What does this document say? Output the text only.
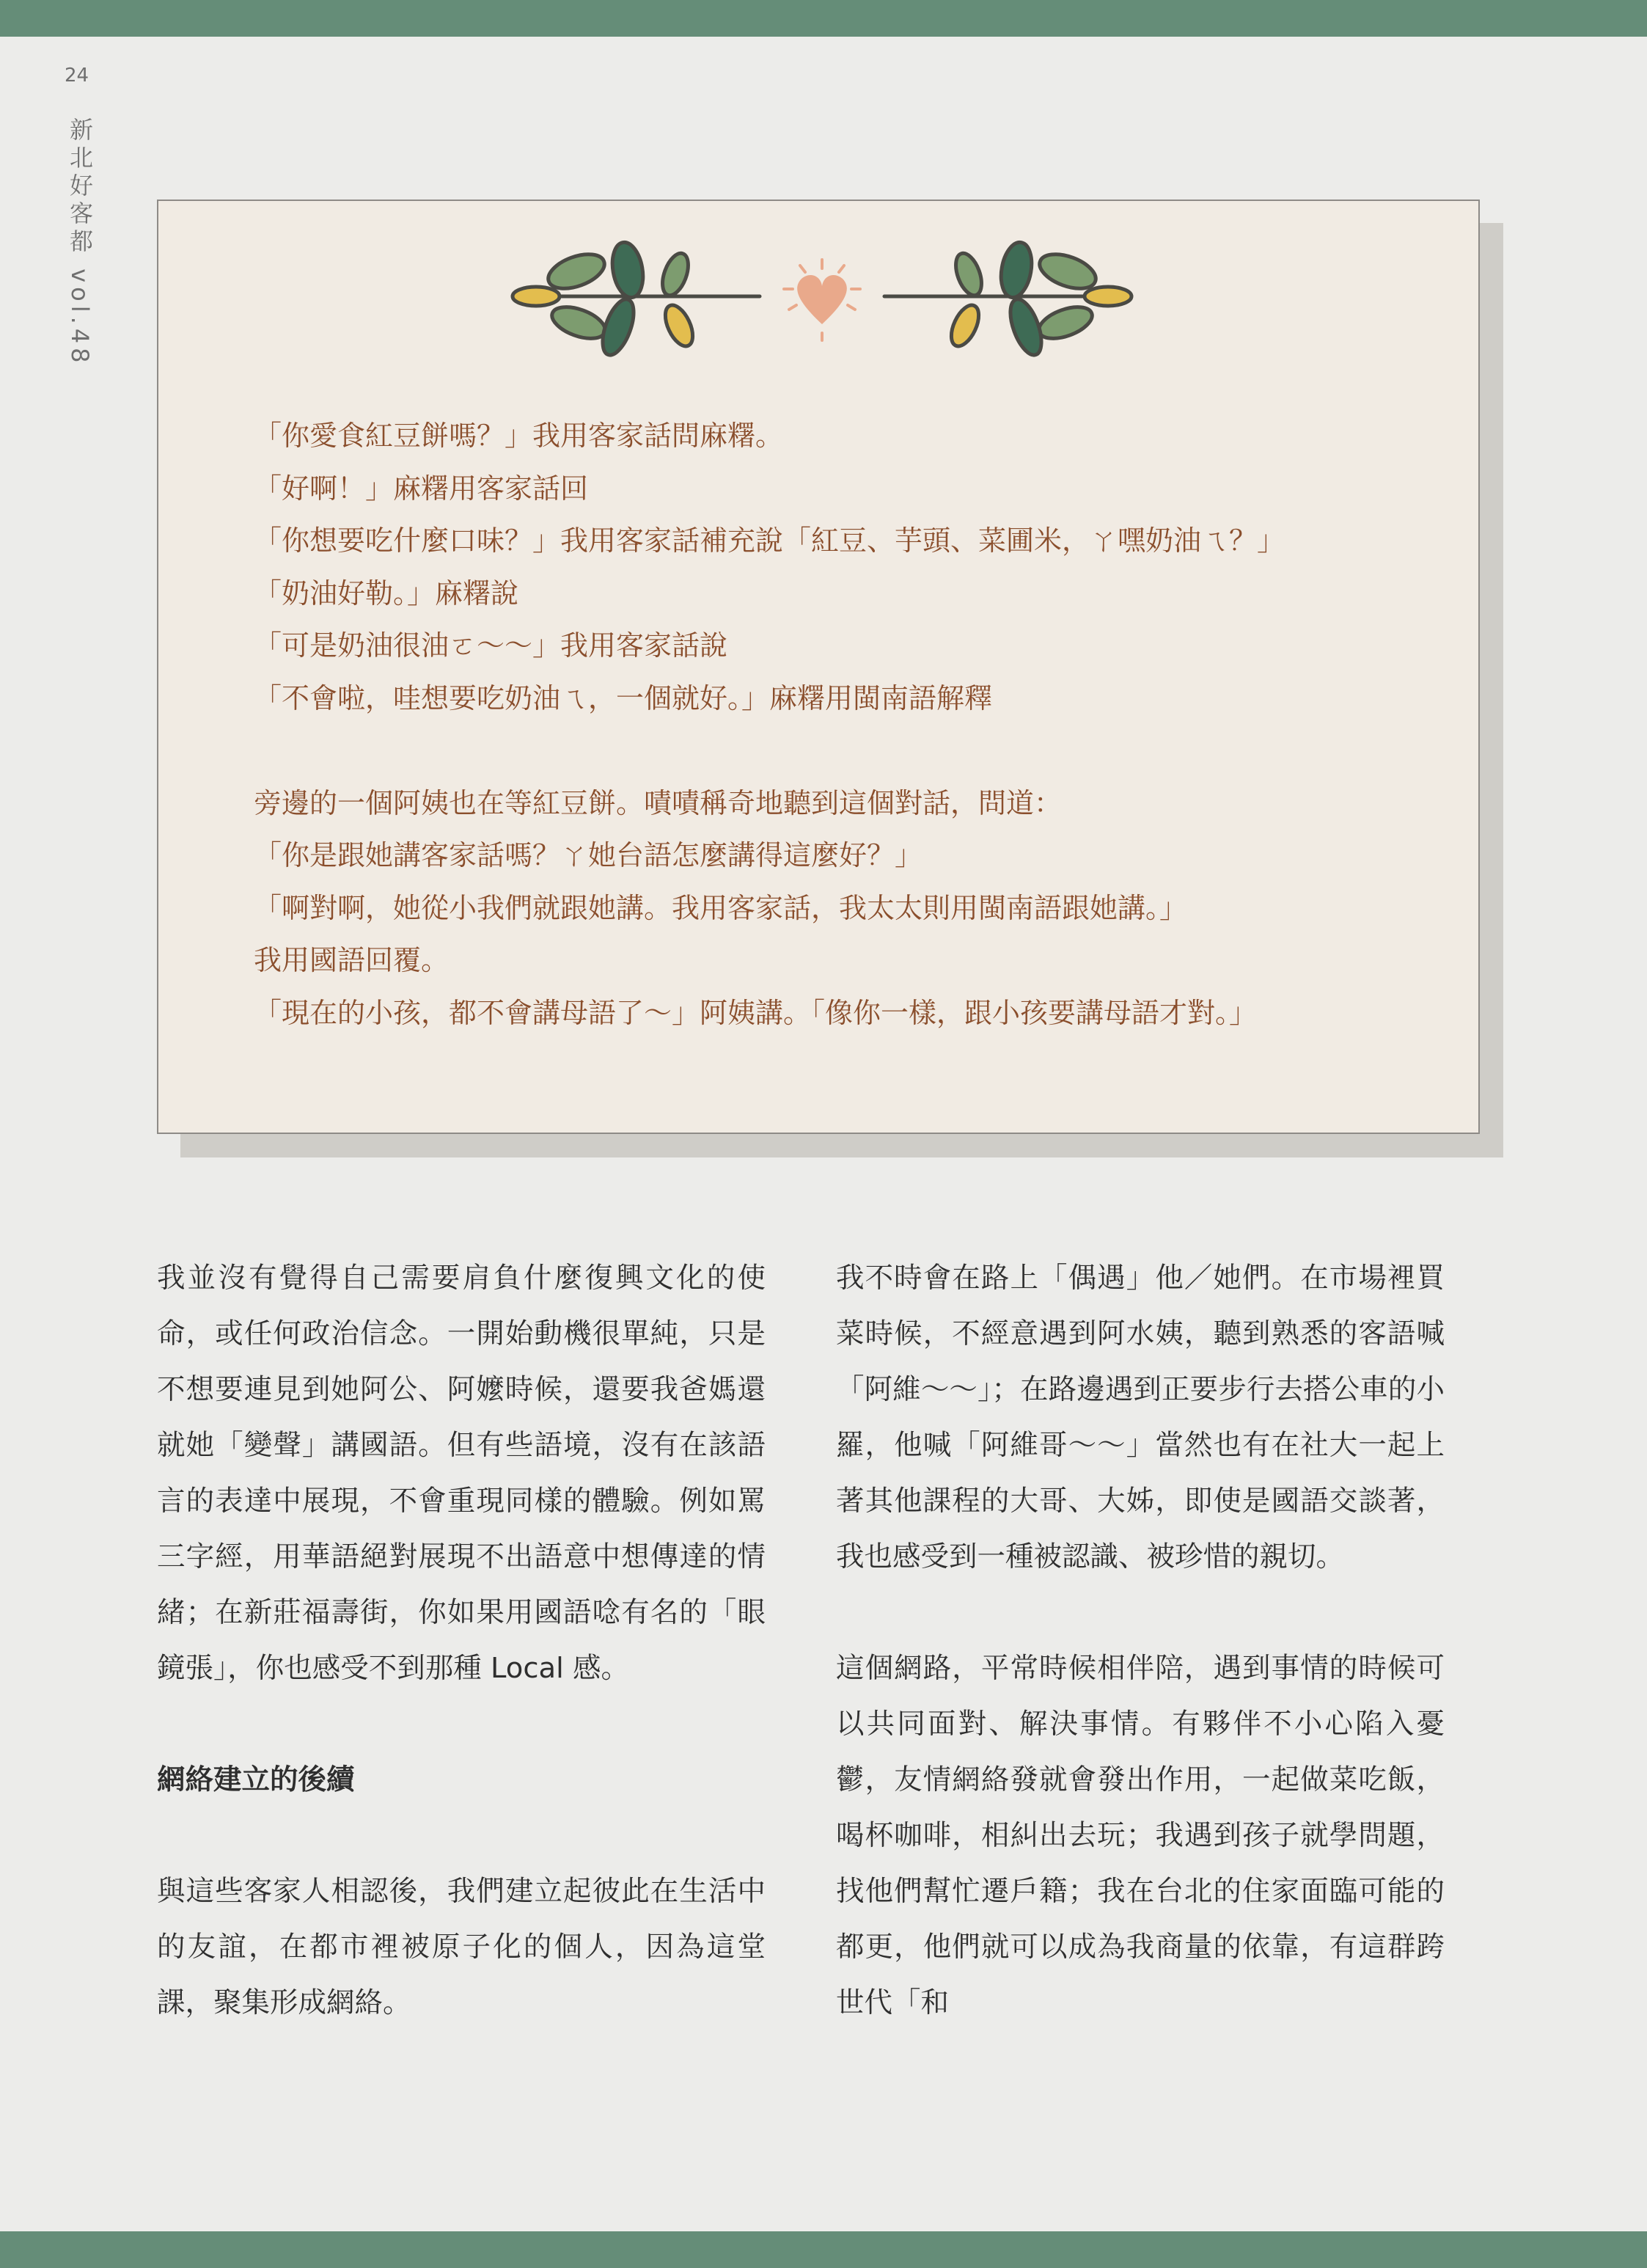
24
新北好客都 vol.48
「你愛食紅豆餅嗎？」我用客家話問麻糬。
「好啊！」麻糬用客家話回
「你想要吃什麼口味？」我用客家話補充說「紅豆、芋頭、菜圃米，ㄚ嘿奶油ㄟ？」
「奶油好勒。」麻糬說
「可是奶油很油ㄛ～～」我用客家話說
「不會啦，哇想要吃奶油ㄟ，一個就好。」麻糬用閩南語解釋
旁邊的一個阿姨也在等紅豆餅。嘖嘖稱奇地聽到這個對話，問道：
「你是跟她講客家話嗎？ㄚ她台語怎麼講得這麼好？」
「啊對啊，她從小我們就跟她講。我用客家話，我太太則用閩南語跟她講。」
我用國語回覆。
「現在的小孩，都不會講母語了～」阿姨講。「像你一樣，跟小孩要講母語才對。」

我並沒有覺得自己需要肩負什麼復興文化的使命，或任何政治信念。一開始動機很單純，只是不想要連見到她阿公、阿嬤時候，還要我爸媽還就她「變聲」講國語。但有些語境，沒有在該語言的表達中展現，不會重現同樣的體驗。例如罵三字經，用華語絕對展現不出語意中想傳達的情緒；在新莊福壽街，你如果用國語唸有名的「眼鏡張」，你也感受不到那種 Local 感。

網絡建立的後續

與這些客家人相認後，我們建立起彼此在生活中的友誼，在都市裡被原子化的個人，因為這堂課，聚集形成網絡。

我不時會在路上「偶遇」他／她們。在市場裡買菜時候，不經意遇到阿水姨，聽到熟悉的客語喊「阿維～～」；在路邊遇到正要步行去搭公車的小羅，他喊「阿維哥～～」當然也有在社大一起上著其他課程的大哥、大姊，即使是國語交談著，我也感受到一種被認識、被珍惜的親切。

這個網路，平常時候相伴陪，遇到事情的時候可以共同面對、解決事情。有夥伴不小心陷入憂鬱，友情網絡發就會發出作用，一起做菜吃飯，喝杯咖啡，相糾出去玩；我遇到孩子就學問題，找他們幫忙遷戶籍；我在台北的住家面臨可能的都更，他們就可以成為我商量的依靠，有這群跨世代「和
